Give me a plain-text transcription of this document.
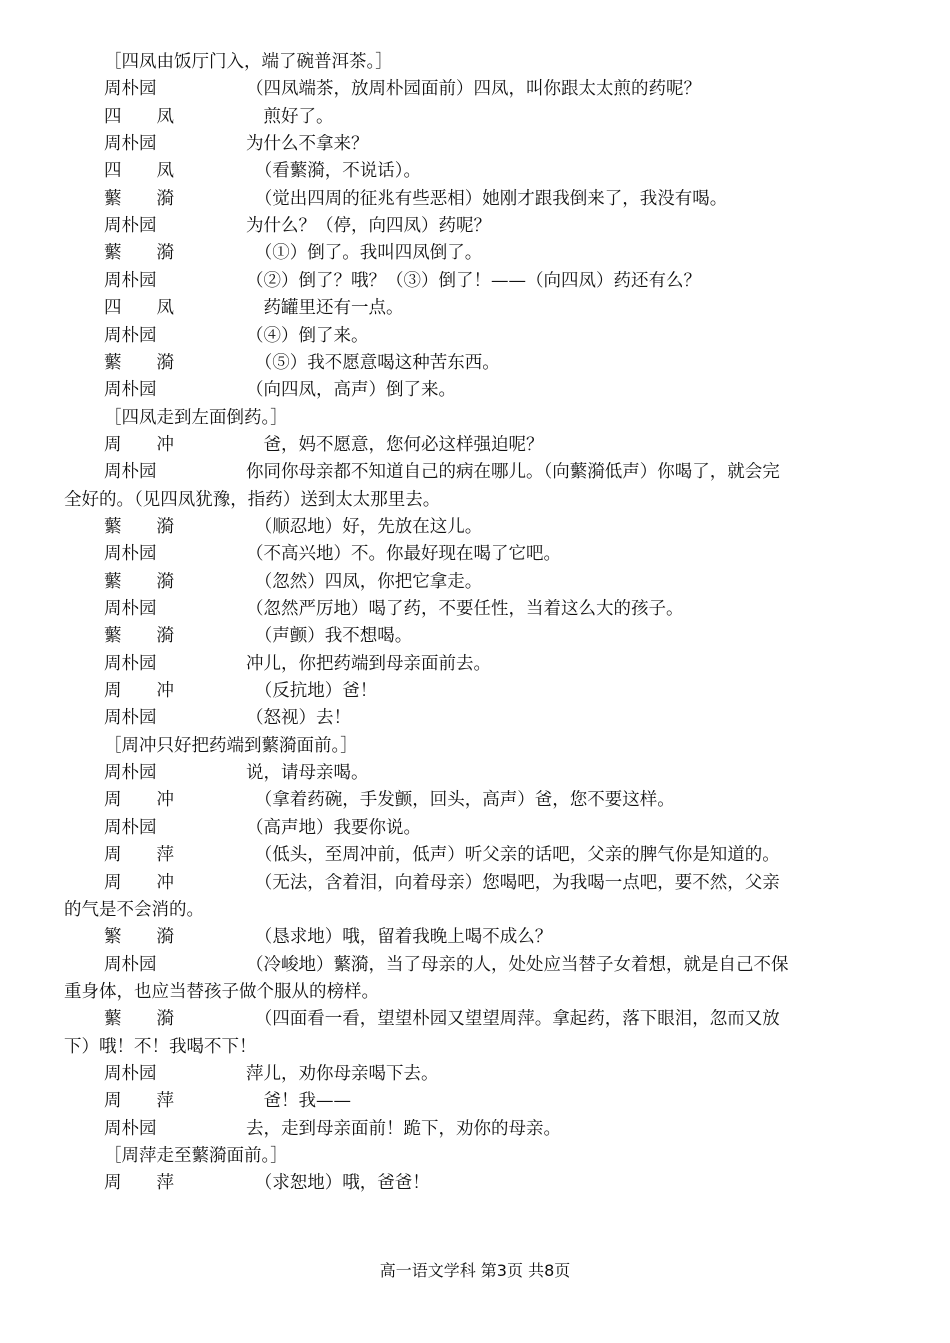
［四凤由饭厅门入，端了碗普洱茶。］
周朴园	（四凤端茶，放周朴园面前）四凤，叫你跟太太煎的药呢？
四　　凤	　煎好了。
周朴园	为什么不拿来？
四　　凤	　（看蘩漪，不说话）。
蘩　　漪	　（觉出四周的征兆有些恶相）她刚才跟我倒来了，我没有喝。
周朴园	为什么？（停，向四凤）药呢？
蘩　　漪	　（①）倒了。我叫四凤倒了。
周朴园	（②）倒了？哦？（③）倒了！——（向四凤）药还有么？
四　　凤	　药罐里还有一点。
周朴园	（④）倒了来。
蘩　　漪	　（⑤）我不愿意喝这种苦东西。
周朴园	（向四凤，高声）倒了来。
［四凤走到左面倒药。］
周　　冲	　爸，妈不愿意，您何必这样强迫呢？
周朴园	你同你母亲都不知道自己的病在哪儿。（向蘩漪低声）你喝了，就会完
全好的。（见四凤犹豫，指药）送到太太那里去。
蘩　　漪	　（顺忍地）好，先放在这儿。
周朴园	（不高兴地）不。你最好现在喝了它吧。
蘩　　漪	　（忽然）四凤，你把它拿走。
周朴园	（忽然严厉地）喝了药，不要任性，当着这么大的孩子。
蘩　　漪	　（声颤）我不想喝。
周朴园	冲儿，你把药端到母亲面前去。
周　　冲	　（反抗地）爸！
周朴园	（怒视）去！
［周冲只好把药端到蘩漪面前。］
周朴园	说，请母亲喝。
周　　冲	　（拿着药碗，手发颤，回头，高声）爸，您不要这样。
周朴园	（高声地）我要你说。
周　　萍	　（低头，至周冲前，低声）听父亲的话吧，父亲的脾气你是知道的。
周　　冲	　（无法，含着泪，向着母亲）您喝吧，为我喝一点吧，要不然，父亲
的气是不会消的。
繁　　漪	　（恳求地）哦，留着我晚上喝不成么？
周朴园	（冷峻地）蘩漪，当了母亲的人，处处应当替子女着想，就是自己不保
重身体，也应当替孩子做个服从的榜样。
蘩　　漪	　（四面看一看，望望朴园又望望周萍。拿起药，落下眼泪，忽而又放
下）哦！不！我喝不下！
周朴园	萍儿，劝你母亲喝下去。
周　　萍	　爸！我——
周朴园	去，走到母亲面前！跪下，劝你的母亲。
［周萍走至蘩漪面前。］
周　　萍	　（求恕地）哦，爸爸！
高一语文学科 第3页 共8页
